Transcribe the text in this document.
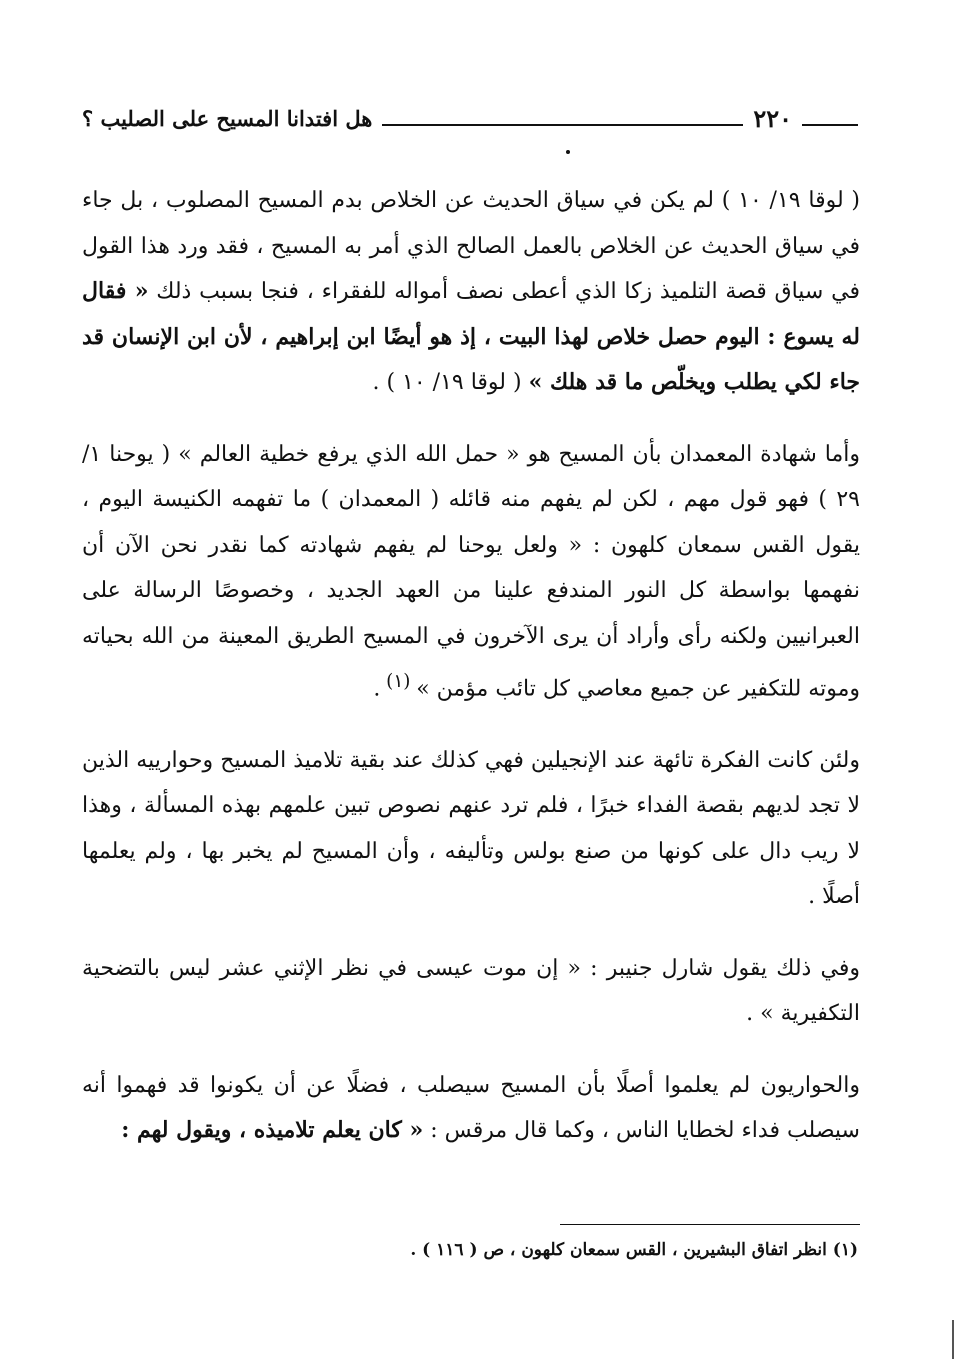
٢٢٠
هل افتدانا المسيح على الصليب ؟

( لوقا ١٩/ ١٠ ) لم يكن في سياق الحديث عن الخلاص بدم المسيح المصلوب ، بل جاء في سياق الحديث عن الخلاص بالعمل الصالح الذي أمر به المسيح ، فقد ورد هذا القول في سياق قصة التلميذ زكا الذي أعطى نصف أمواله للفقراء ، فنجا بسبب ذلك « فقال له يسوع : اليوم حصل خلاص لهذا البيت ، إذ هو أيضًا ابن إبراهيم ، لأن ابن الإنسان قد جاء لكي يطلب ويخلّص ما قد هلك » ( لوقا ١٩/ ١٠ ) .

وأما شهادة المعمدان بأن المسيح هو « حمل الله الذي يرفع خطية العالم » ( يوحنا ١/ ٢٩ ) فهو قول مهم ، لكن لم يفهم منه قائله ( المعمدان ) ما تفهمه الكنيسة اليوم ، يقول القس سمعان كلهون : « ولعل يوحنا لم يفهم شهادته كما نقدر نحن الآن أن نفهمها بواسطة كل النور المندفع علينا من العهد الجديد ، وخصوصًا الرسالة على العبرانيين ولكنه رأى وأراد أن يرى الآخرون في المسيح الطريق المعينة من الله بحياته وموته للتكفير عن جميع معاصي كل تائب مؤمن » $^{(١)}$ .

ولئن كانت الفكرة تائهة عند الإنجيلين فهي كذلك عند بقية تلاميذ المسيح وحوارييه الذين لا تجد لديهم بقصة الفداء خبرًا ، فلم ترد عنهم نصوص تبين علمهم بهذه المسألة ، وهذا لا ريب دال على كونها من صنع بولس وتأليفه ، وأن المسيح لم يخبر بها ، ولم يعلمها أصلًا .

وفي ذلك يقول شارل جنيبر : « إن موت عيسى في نظر الإثني عشر ليس بالتضحية التكفيرية » .

والحواريون لم يعلموا أصلًا بأن المسيح سيصلب ، فضلًا عن أن يكونوا قد فهموا أنه سيصلب فداء لخطايا الناس ، وكما قال مرقس : « كان يعلم تلاميذه ، ويقول لهم :

(١) انظر اتفاق البشيرين ، القس سمعان كلهون ، ص ( ١١٦ ) .
